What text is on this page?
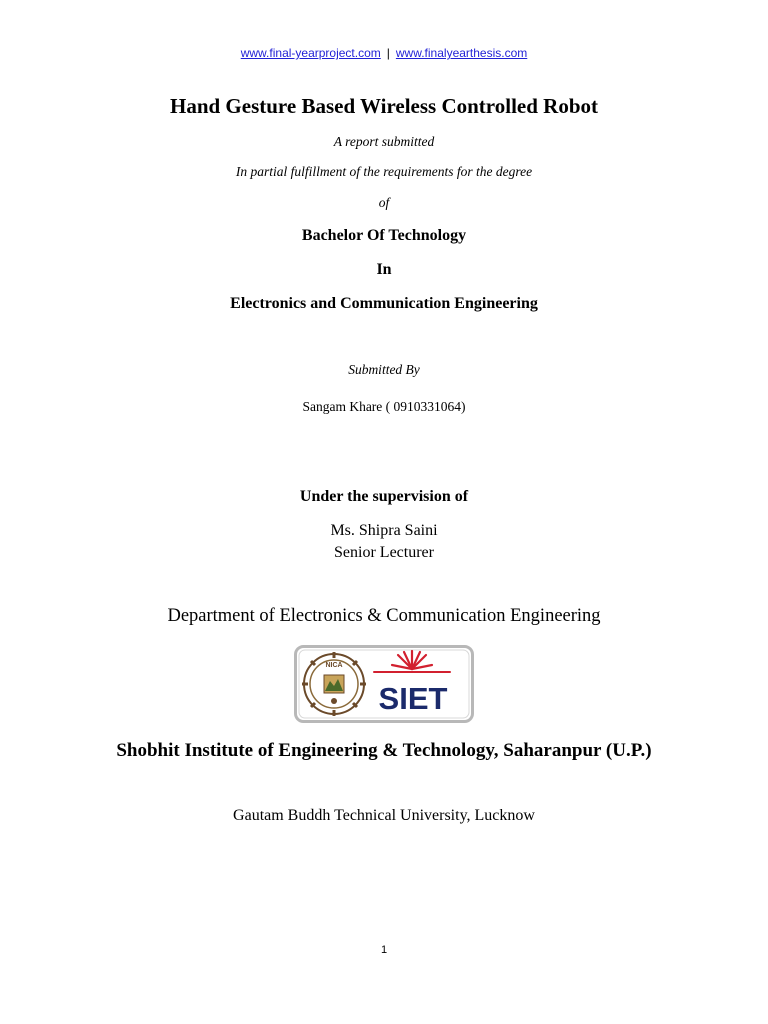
www.final-yearproject.com | www.finalyearthesis.com
Hand Gesture Based Wireless Controlled Robot
A report submitted
In partial fulfillment of the requirements for the degree
of
Bachelor Of Technology
In
Electronics and Communication Engineering
Submitted By
Sangam Khare ( 0910331064)
Under the supervision of
Ms. Shipra Saini
Senior Lecturer
Department of Electronics & Communication Engineering
NICA
SIET
Shobhit Institute of Engineering & Technology, Saharanpur (U.P.)
Gautam Buddh Technical University, Lucknow
1
